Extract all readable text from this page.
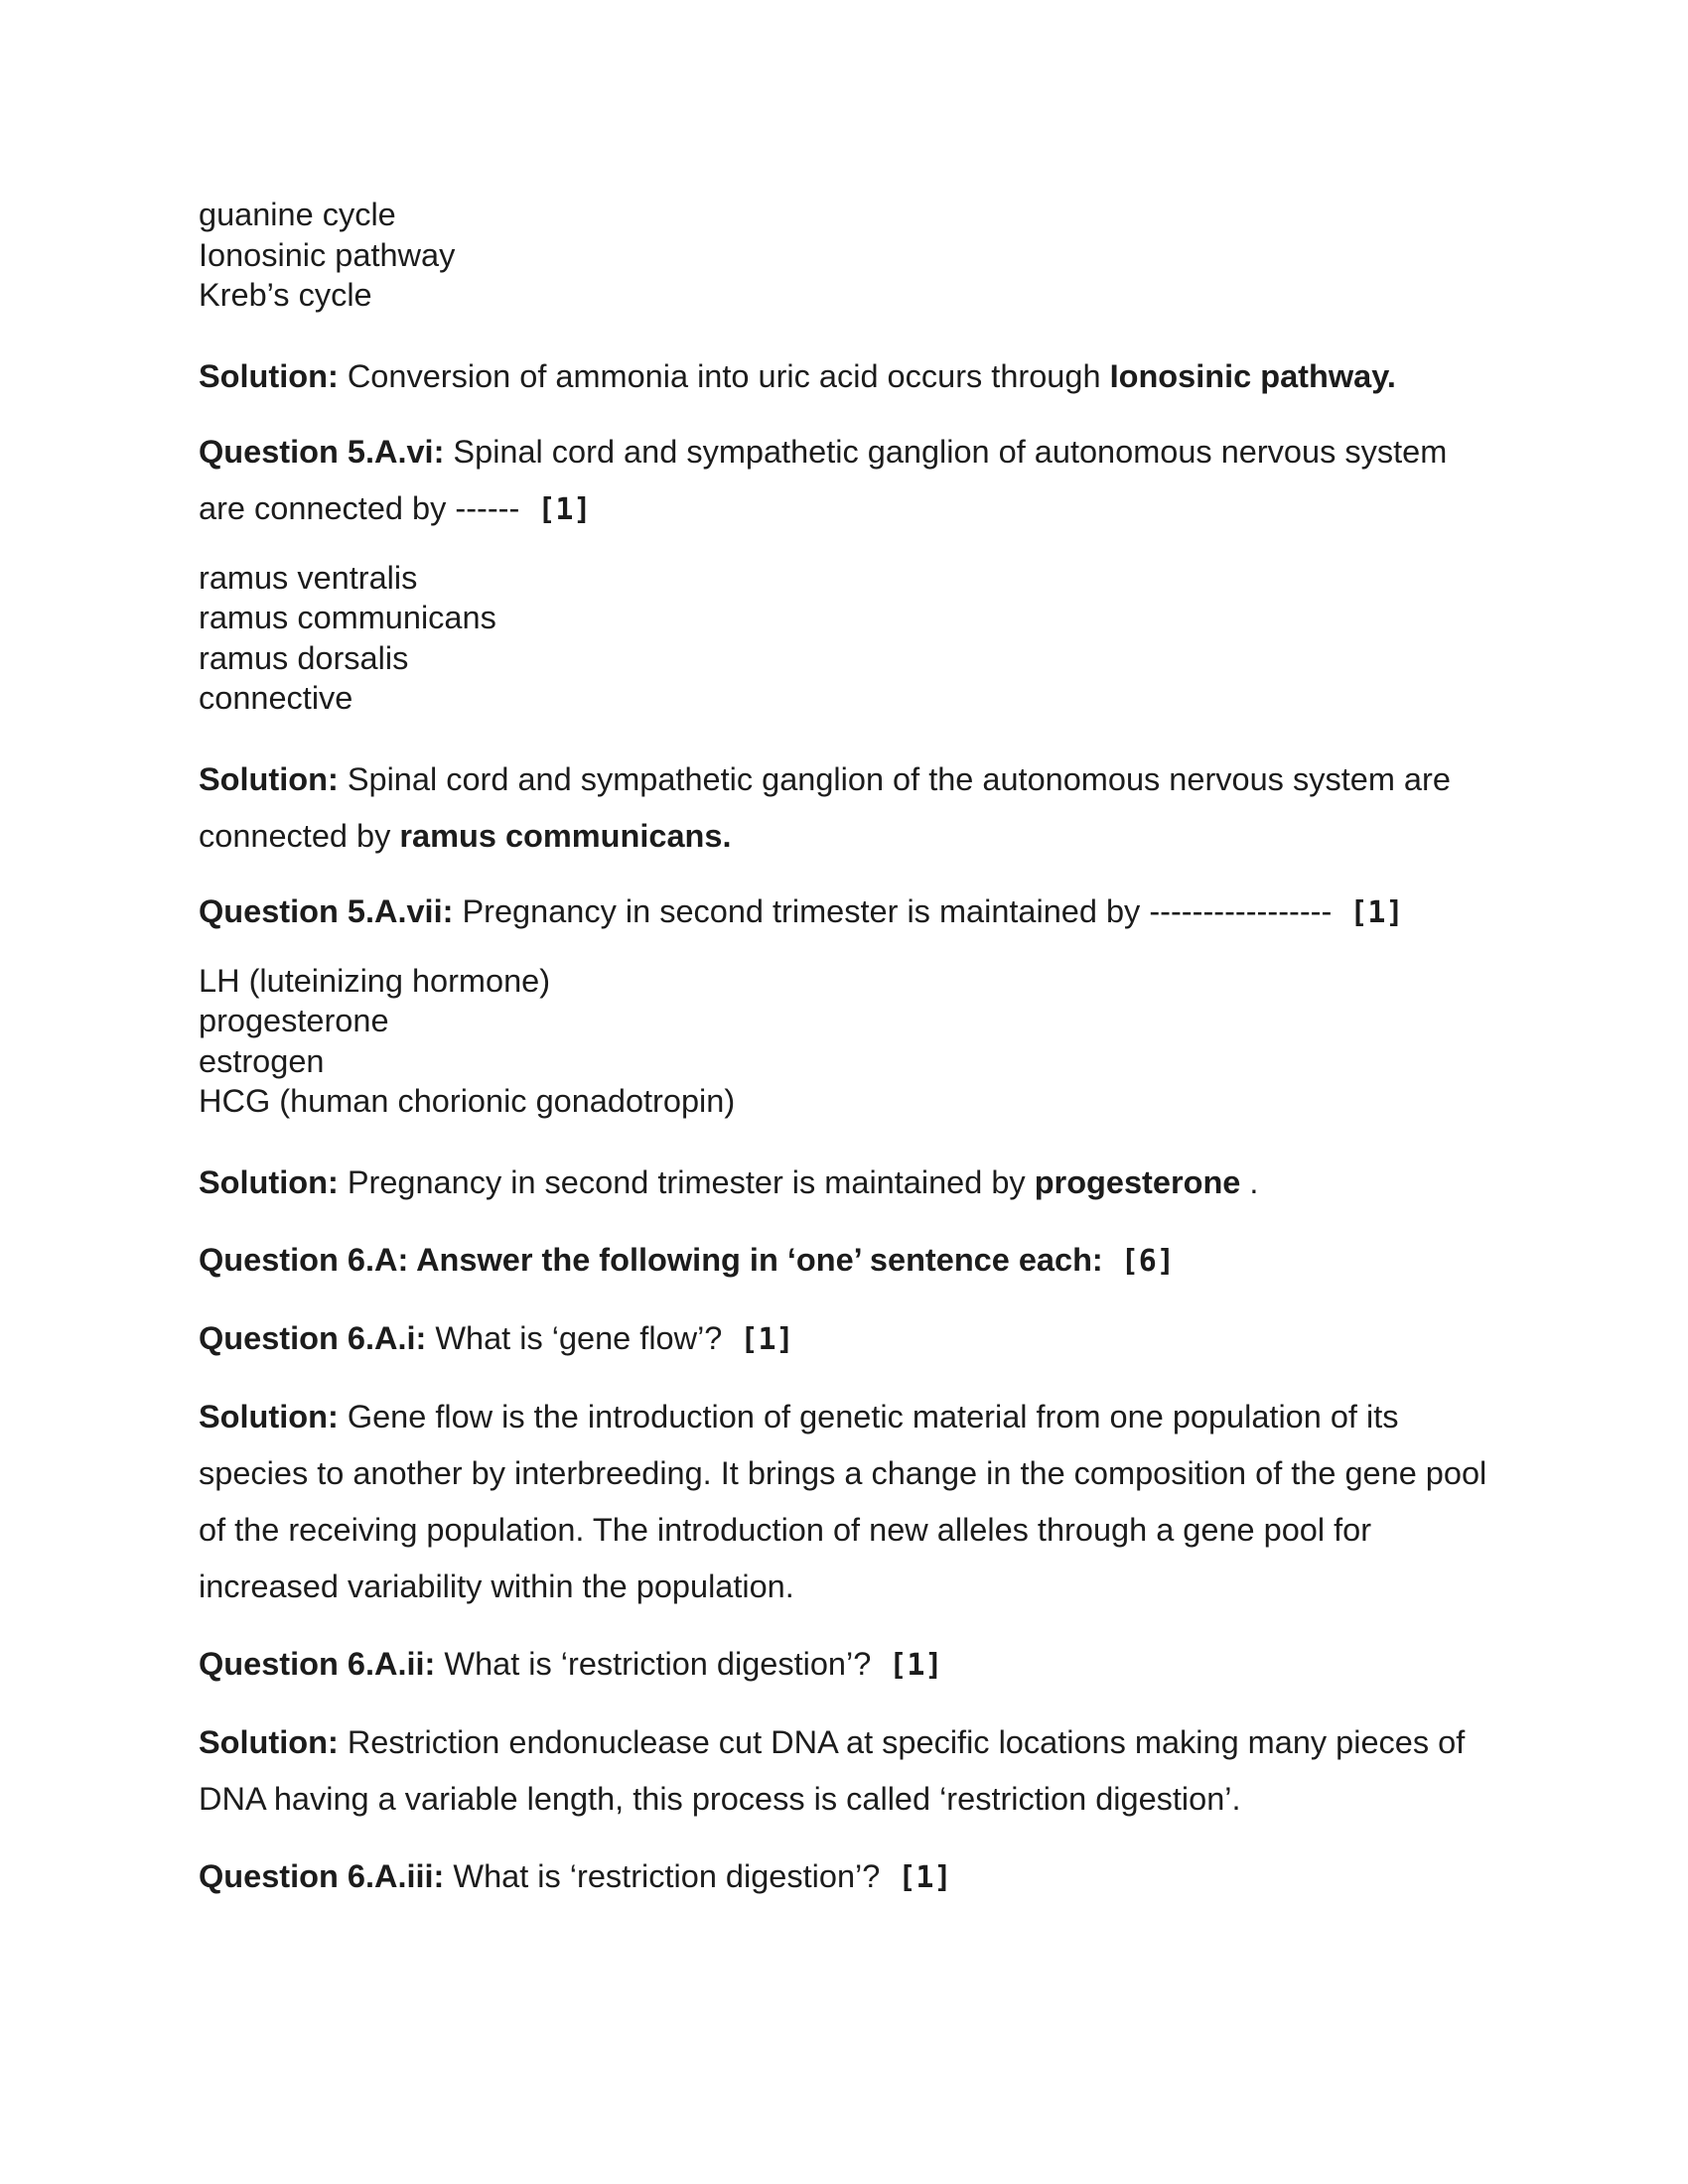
guanine cycle
Ionosinic pathway
Kreb’s cycle
Solution: Conversion of ammonia into uric acid occurs through Ionosinic pathway.
Question 5.A.vi: Spinal cord and sympathetic ganglion of autonomous nervous system are connected by ------ [1]
ramus ventralis
ramus communicans
ramus dorsalis
connective
Solution: Spinal cord and sympathetic ganglion of the autonomous nervous system are connected by ramus communicans.
Question 5.A.vii: Pregnancy in second trimester is maintained by ----------------- [1]
LH (luteinizing hormone)
progesterone
estrogen
HCG (human chorionic gonadotropin)
Solution: Pregnancy in second trimester is maintained by progesterone .
Question 6.A: Answer the following in ‘one’ sentence each: [6]
Question 6.A.i: What is ‘gene flow’? [1]
Solution: Gene flow is the introduction of genetic material from one population of its species to another by interbreeding. It brings a change in the composition of the gene pool of the receiving population. The introduction of new alleles through a gene pool for increased variability within the population.
Question 6.A.ii: What is ‘restriction digestion’? [1]
Solution: Restriction endonuclease cut DNA at specific locations making many pieces of DNA having a variable length, this process is called ‘restriction digestion’.
Question 6.A.iii: What is ‘restriction digestion’? [1]
